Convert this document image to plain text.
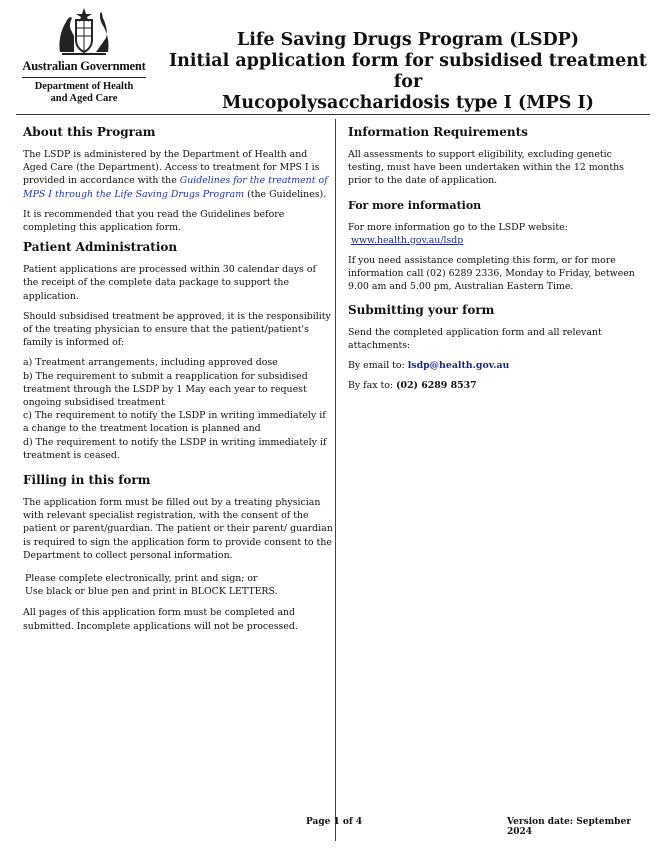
Australian Government
Department of Health
and Aged Care
Life Saving Drugs Program (LSDP)
Initial application form for subsidised treatment for
Mucopolysaccharidosis type I (MPS I)
About this Program

The LSDP is administered by the Department of Health and Aged Care (the Department). Access to treatment for MPS I is provided in accordance with the Guidelines for the treatment of MPS I through the Life Saving Drugs Program (the Guidelines).

It is recommended that you read the Guidelines before completing this application form.

Patient Administration

Patient applications are processed within 30 calendar days of the receipt of the complete data package to support the application.

Should subsidised treatment be approved, it is the responsibility of the treating physician to ensure that the patient/patient's family is informed of:

a) Treatment arrangements, including approved dose
b) The requirement to submit a reapplication for subsidised treatment through the LSDP by 1 May each year to request ongoing subsidised treatment
c) The requirement to notify the LSDP in writing immediately if a change to the treatment location is planned and
d) The requirement to notify the LSDP in writing immediately if treatment is ceased.
Filling in this form

The application form must be filled out by a treating physician with relevant specialist registration, with the consent of the patient or parent/guardian. The patient or their parent/ guardian is required to sign the application form to provide consent to the Department to collect personal information.

Please complete electronically, print and sign; or
Use black or blue pen and print in BLOCK LETTERS.

All pages of this application form must be completed and submitted. Incomplete applications will not be processed.

Information Requirements

All assessments to support eligibility, excluding genetic testing, must have been undertaken within the 12 months prior to the date of application.

For more information

For more information go to the LSDP website:
www.health.gov.au/lsdp

If you need assistance completing this form, or for more information call (02) 6289 2336, Monday to Friday, between 9.00 am and 5.00 pm, Australian Eastern Time.

Submitting your form

Send the completed application form and all relevant attachments:

By email to: lsdp@health.gov.au

By fax to: (02) 6289 8537

Page 1 of 4	Version date: September 2024
